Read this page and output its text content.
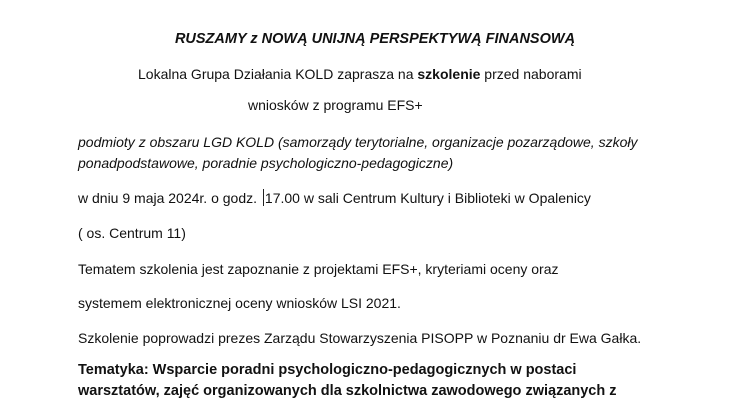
RUSZAMY z NOWĄ UNIJNĄ PERSPEKTYWĄ FINANSOWĄ
Lokalna Grupa Działania KOLD zaprasza na szkolenie przed naborami
wniosków z programu EFS+
podmioty z obszaru LGD KOLD (samorządy terytorialne, organizacje pozarządowe, szkoły
ponadpodstawowe, poradnie psychologiczno-pedagogiczne)
w dniu 9 maja 2024r. o godz. 17.00 w sali Centrum Kultury i Biblioteki w Opalenicy
( os. Centrum 11)
Tematem szkolenia jest zapoznanie z projektami EFS+, kryteriami oceny oraz
systemem elektronicznej oceny wniosków LSI 2021.
Szkolenie poprowadzi prezes Zarządu Stowarzyszenia PISOPP w Poznaniu dr Ewa Gałka.
Tematyka: Wsparcie poradni psychologiczno-pedagogicznych w postaci
warsztatów, zajęć organizowanych dla szkolnictwa zawodowego związanych z
